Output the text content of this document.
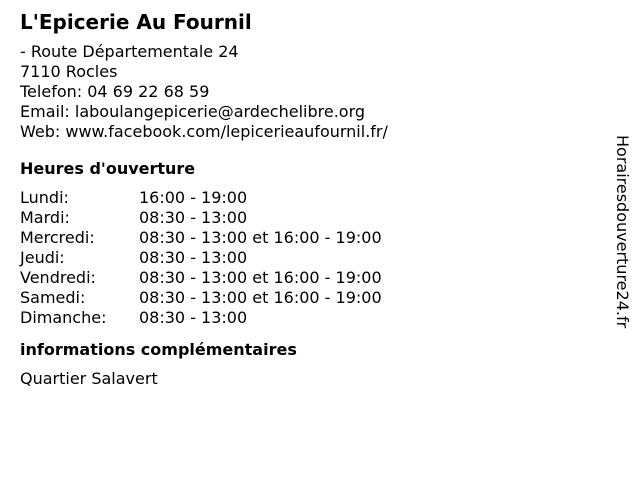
L'Epicerie Au Fournil
- Route Départementale 24
7110 Rocles
Telefon: 04 69 22 68 59
Email: laboulangepicerie@ardechelibre.org
Web: www.facebook.com/lepicerieaufournil.fr/
Heures d'ouverture
Lundi:	16:00 - 19:00
Mardi:	08:30 - 13:00
Mercredi:	08:30 - 13:00 et 16:00 - 19:00
Jeudi:	08:30 - 13:00
Vendredi:	08:30 - 13:00 et 16:00 - 19:00
Samedi:	08:30 - 13:00 et 16:00 - 19:00
Dimanche:	08:30 - 13:00
informations complémentaires
Quartier Salavert
Horairesdouverture24.fr
